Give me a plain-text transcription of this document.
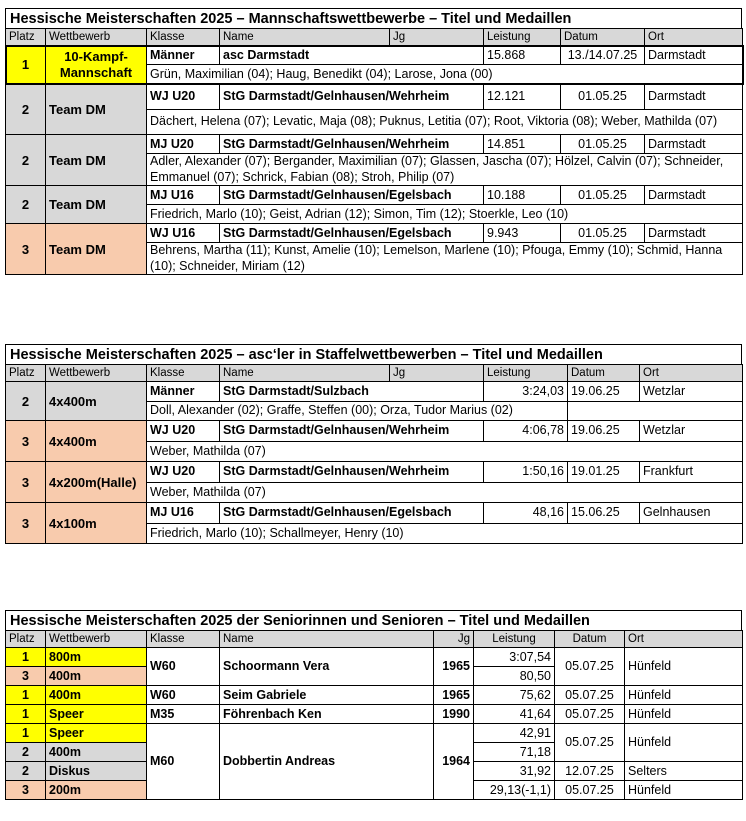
Hessische Meisterschaften 2025 – Mannschaftswettbewerbe – Titel und Medaillen
Platz	Wettbewerb	Klasse	Name	Jg	Leistung	Datum	Ort
1	10-Kampf-Mannschaft	Männer	asc Darmstadt		15.868	13./14.07.25	Darmstadt
		Grün, Maximilian (04); Haug, Benedikt (04); Larose, Jona (00)					
2	Team DM	WJ U20	StG Darmstadt/Gelnhausen/Wehrheim		12.121	01.05.25	Darmstadt
		Dächert, Helena (07); Levatic, Maja (08); Puknus, Letitia (07); Root, Viktoria (08); Weber, Mathilda (07)					
2	Team DM	MJ U20	StG Darmstadt/Gelnhausen/Wehrheim		14.851	01.05.25	Darmstadt
		Adler, Alexander (07); Bergander, Maximilian (07); Glassen, Jascha (07); Hölzel, Calvin (07); Schneider, Emmanuel (07); Schrick, Fabian (08); Stroh, Philip (07)					
2	Team DM	MJ U16	StG Darmstadt/Gelnhausen/Egelsbach		10.188	01.05.25	Darmstadt
		Friedrich, Marlo (10); Geist, Adrian (12); Simon, Tim (12); Stoerkle, Leo (10)					
3	Team DM	WJ U16	StG Darmstadt/Gelnhausen/Egelsbach		9.943	01.05.25	Darmstadt
		Behrens, Martha (11); Kunst, Amelie (10); Lemelson, Marlene (10); Pfouga, Emmy (10); Schmid, Hanna (10); Schneider, Miriam (12)					
Hessische Meisterschaften 2025 – asc‘ler in Staffelwettbewerben – Titel und Medaillen
Platz	Wettbewerb	Klasse	Name	Jg	Leistung	Datum	Ort
2	4x400m	Männer	StG Darmstadt/Sulzbach		3:24,03	19.06.25	Wetzlar
		Doll, Alexander (02); Graffe, Steffen (00); Orza, Tudor Marius (02)					
3	4x400m	WJ U20	StG Darmstadt/Gelnhausen/Wehrheim		4:06,78	19.06.25	Wetzlar
		Weber, Mathilda (07)					
3	4x200m(Halle)	WJ U20	StG Darmstadt/Gelnhausen/Wehrheim		1:50,16	19.01.25	Frankfurt
		Weber, Mathilda (07)					
3	4x100m	MJ U16	StG Darmstadt/Gelnhausen/Egelsbach		48,16	15.06.25	Gelnhausen
		Friedrich, Marlo (10); Schallmeyer, Henry (10)					
Hessische Meisterschaften 2025 der Seniorinnen und Senioren – Titel und Medaillen
Platz	Wettbewerb	Klasse	Name	Jg	Leistung	Datum	Ort
1	800m	W60	Schoormann Vera	1965	3:07,54	05.07.25	Hünfeld
3	400m				80,50		
1	400m	W60	Seim Gabriele	1965	75,62	05.07.25	Hünfeld
1	Speer	M35	Föhrenbach Ken	1990	41,64	05.07.25	Hünfeld
1	Speer	M60	Dobbertin Andreas	1964	42,91	05.07.25	Hünfeld
2	400m				71,18		
2	Diskus				31,92	12.07.25	Selters
3	200m				29,13(-1,1)	05.07.25	Hünfeld
